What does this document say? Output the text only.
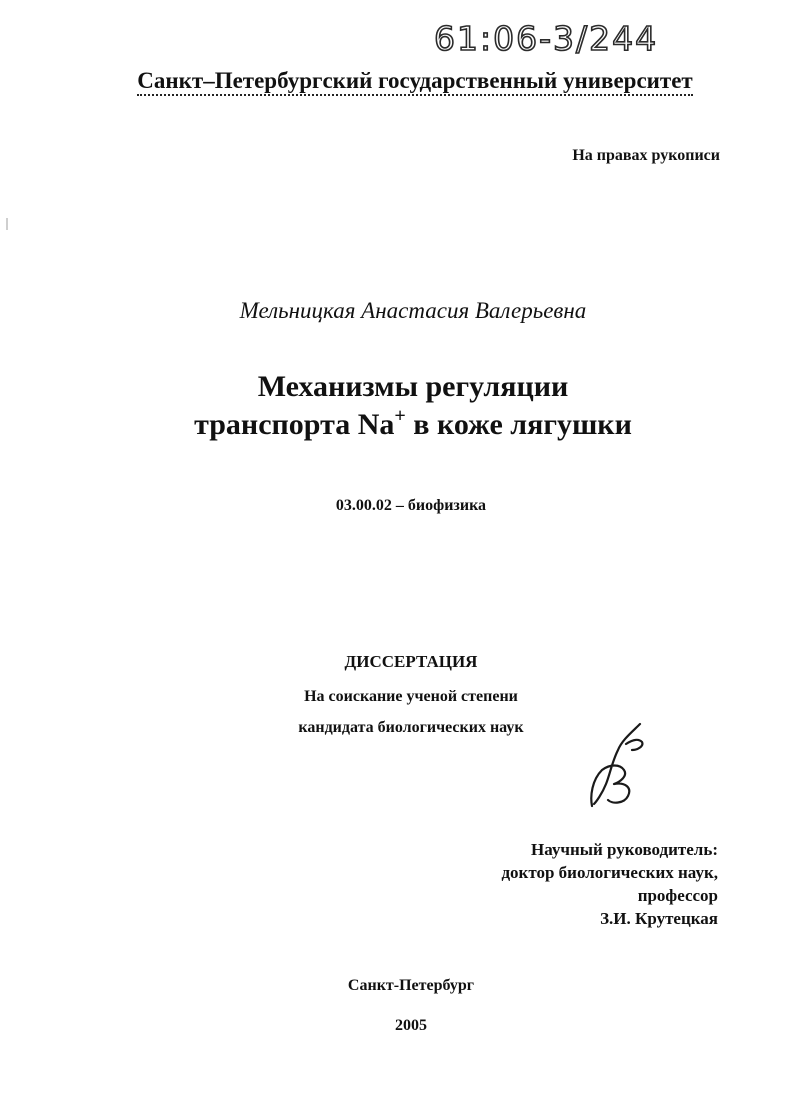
61:06-3/244
Санкт–Петербургский государственный университет
На правах рукописи
Мельницкая Анастасия Валерьевна
Механизмы регуляции
транспорта Na+ в коже лягушки
03.00.02 – биофизика
ДИССЕРТАЦИЯ
На соискание ученой степени
кандидата биологических наук
Научный руководитель:
доктор биологических наук,
профессор
З.И. Крутецкая
Санкт-Петербург
2005
